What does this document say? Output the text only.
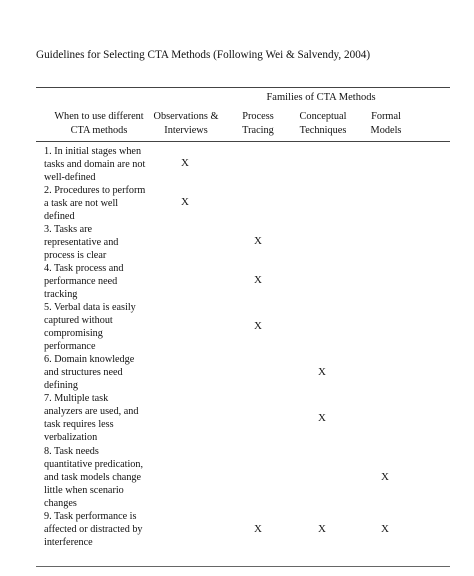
Guidelines for Selecting CTA Methods (Following Wei & Salvendy, 2004)
Families of CTA Methods
When to use different
CTA methods
Observations &
Interviews
Process
Tracing
Conceptual
Techniques
Formal
Models
1. In initial stages when
tasks and domain are not
well-defined
X
2. Procedures to perform
a task are not well
defined
X
3. Tasks are
representative and
process is clear
X
4. Task process and
performance need
tracking
X
5. Verbal data is easily
captured without
compromising
performance
X
6. Domain knowledge
and structures need
defining
X
7. Multiple task
analyzers are used, and
task requires less
verbalization
X
8. Task needs
quantitative predication,
and task models change
little when scenario
changes
X
9. Task performance is
affected or distracted by
interference
X	X	X
